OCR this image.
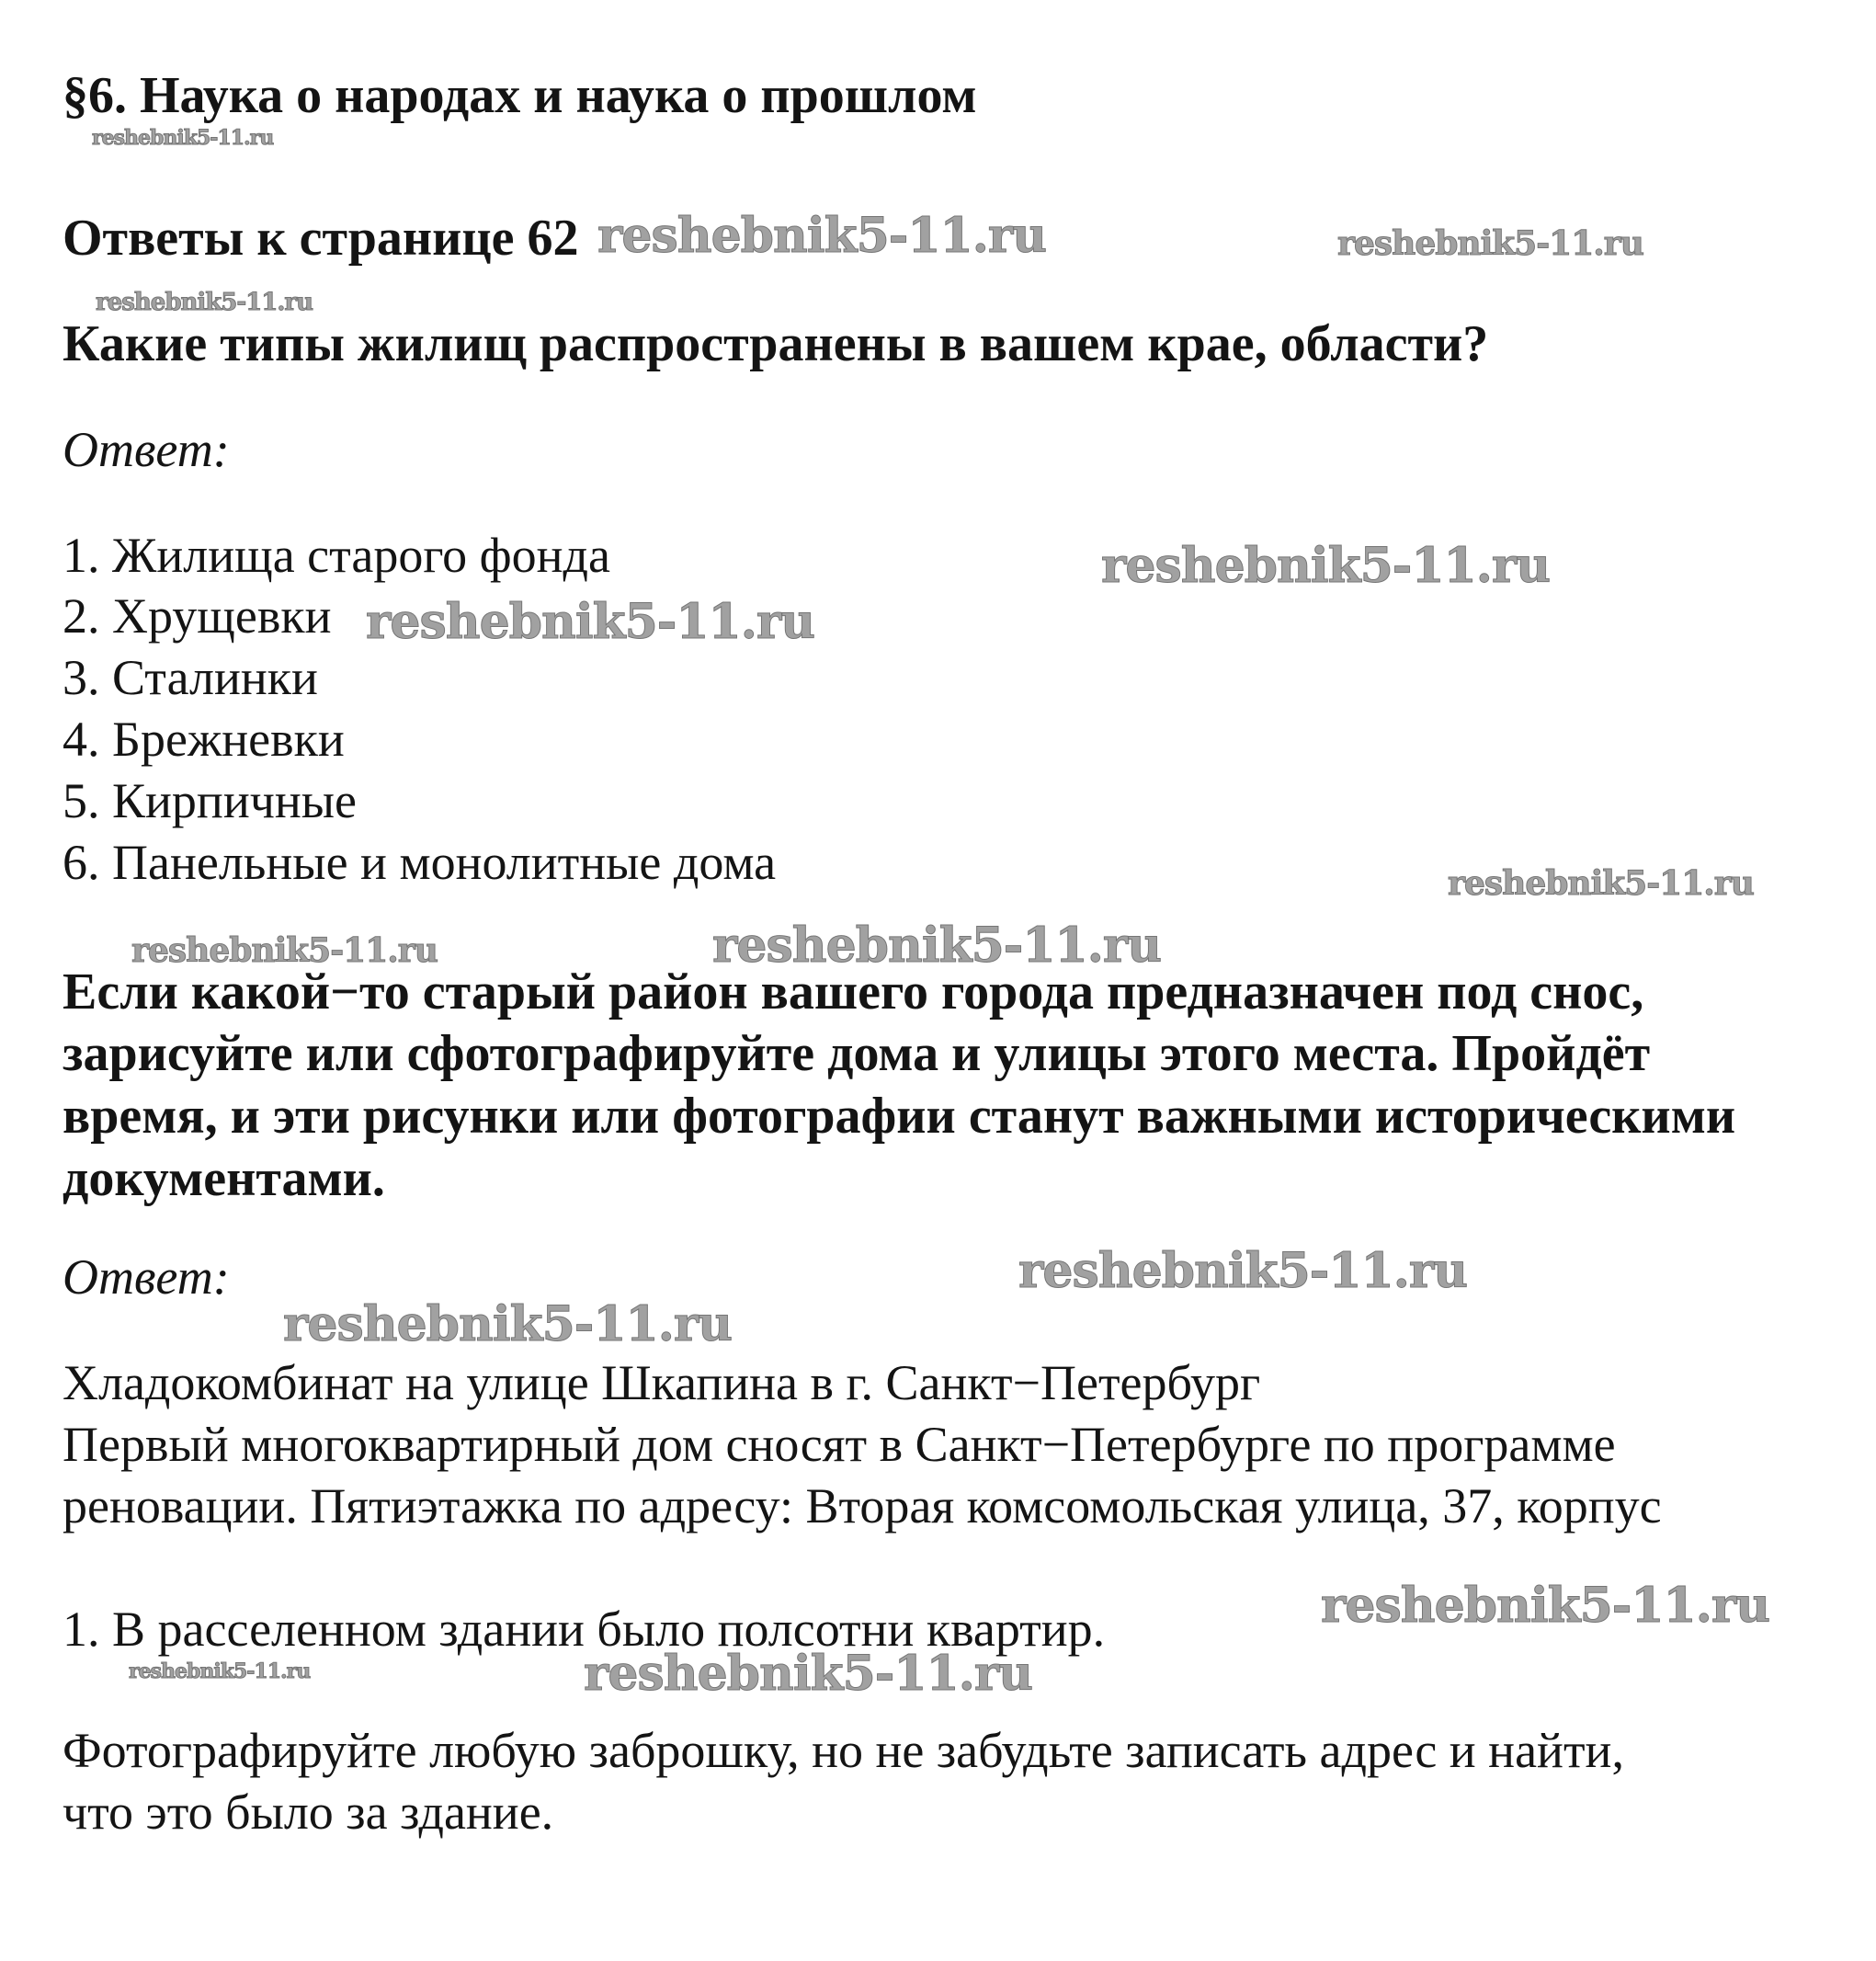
§6. Наука о народах и наука о прошлом

Ответы к странице 62

Какие типы жилищ распространены в вашем крае, области?

Ответ:

1. Жилища старого фонда

2. Хрущевки

3. Сталинки

4. Брежневки

5. Кирпичные

6. Панельные и монолитные дома

Если какой−то старый район вашего города предназначен под снос,

зарисуйте или сфотографируйте дома и улицы этого места. Пройдёт

время, и эти рисунки или фотографии станут важными историческими

документами.

Ответ:

Хладокомбинат на улице Шкапина в г. Санкт−Петербург

Первый многоквартирный дом сносят в Санкт−Петербурге по программе

реновации. Пятиэтажка по адресу: Вторая комсомольская улица, 37, корпус

1. В расселенном здании было полсотни квартир.

Фотографируйте любую заброшку, но не забудьте записать адрес и найти,

что это было за здание.

reshebnik5-11.ru
reshebnik5-11.ru	reshebnik5-11.ru
reshebnik5-11.ru
reshebnik5-11.ru
reshebnik5-11.ru
reshebnik5-11.ru
reshebnik5-11.ru	reshebnik5-11.ru
reshebnik5-11.ru
reshebnik5-11.ru
reshebnik5-11.ru
reshebnik5-11.ru	reshebnik5-11.ru
